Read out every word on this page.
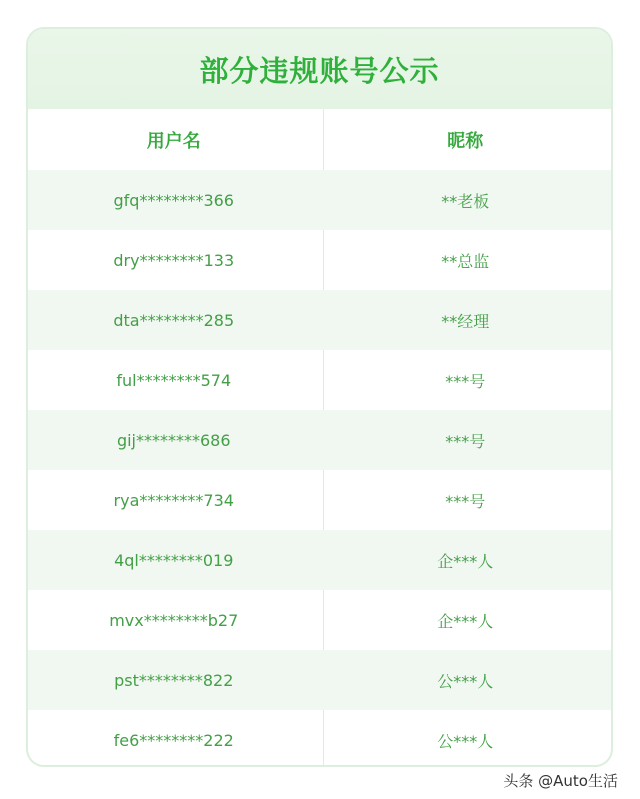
部分违规账号公示
用户名	昵称
gfq********366	**老板
dry********133	**总监
dta********285	**经理
ful********574	***号
gij********686	***号
rya********734	***号
4ql********019	企***人
mvx********b27	企***人
pst********822	公***人
fe6********222	公***人
头条 @Auto生活
